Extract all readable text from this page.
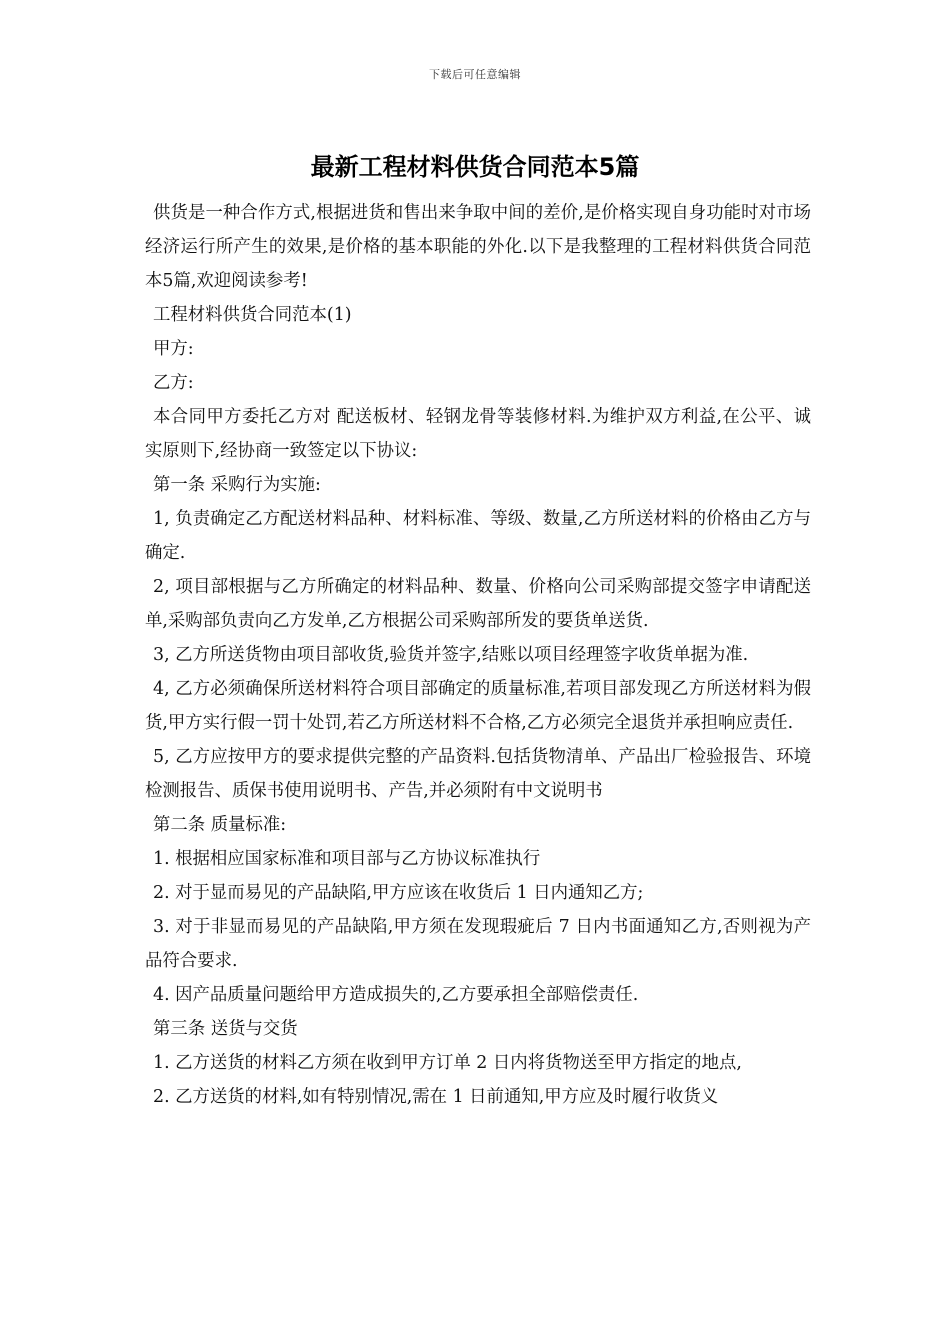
下载后可任意编辑
最新工程材料供货合同范本5篇

供货是一种合作方式,根据进货和售出来争取中间的差价,是价格实现自身功能时对市场经济运行所产生的效果,是价格的基本职能的外化.以下是我整理的工程材料供货合同范本5篇,欢迎阅读参考!

工程材料供货合同范本(1)

甲方:

乙方:

本合同甲方委托乙方对 配送板材、轻钢龙骨等装修材料.为维护双方利益,在公平、诚实原则下,经协商一致签定以下协议:

第一条 采购行为实施:

1, 负责确定乙方配送材料品种、材料标准、等级、数量,乙方所送材料的价格由乙方与 确定.

2, 项目部根据与乙方所确定的材料品种、数量、价格向公司采购部提交签字申请配送单,采购部负责向乙方发单,乙方根据公司采购部所发的要货单送货.

3, 乙方所送货物由项目部收货,验货并签字,结账以项目经理签字收货单据为准.

4, 乙方必须确保所送材料符合项目部确定的质量标准,若项目部发现乙方所送材料为假货,甲方实行假一罚十处罚,若乙方所送材料不合格,乙方必须完全退货并承担响应责任.

5, 乙方应按甲方的要求提供完整的产品资料.包括货物清单、产品出厂检验报告、环境检测报告、质保书使用说明书、产告,并必须附有中文说明书

第二条 质量标准:

1. 根据相应国家标准和项目部与乙方协议标准执行

2. 对于显而易见的产品缺陷,甲方应该在收货后 1 日内通知乙方;

3. 对于非显而易见的产品缺陷,甲方须在发现瑕疵后 7 日内书面通知乙方,否则视为产品符合要求.

4. 因产品质量问题给甲方造成损失的,乙方要承担全部赔偿责任.

第三条 送货与交货

1. 乙方送货的材料乙方须在收到甲方订单 2 日内将货物送至甲方指定的地点,

2. 乙方送货的材料,如有特别情况,需在 1 日前通知,甲方应及时履行收货义
